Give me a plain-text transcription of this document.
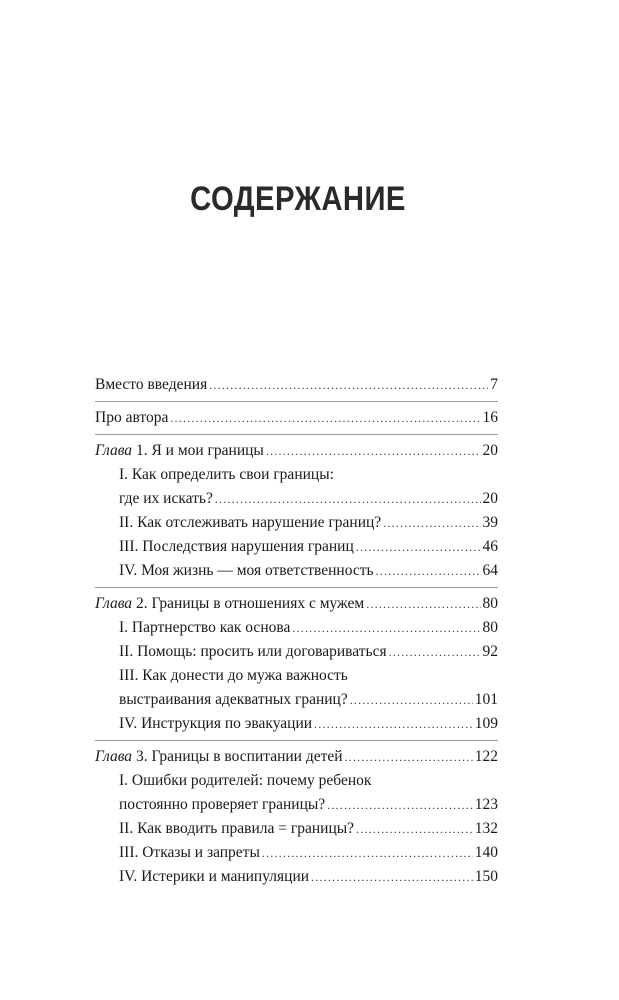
СОДЕРЖАНИЕ
Вместо введения .....	7
Про автора .....	16
Глава 1. Я и мои границы .....	20
I. Как определить свои границы:
где их искать? .....	20
II. Как отслеживать нарушение границ? .....	39
III. Последствия нарушения границ .....	46
IV. Моя жизнь — моя ответственность .....	64
Глава 2. Границы в отношениях с мужем .....	80
I. Партнерство как основа .....	80
II. Помощь: просить или договариваться .....	92
III. Как донести до мужа важность
выстраивания адекватных границ? .....	101
IV. Инструкция по эвакуации .....	109
Глава 3. Границы в воспитании детей .....	122
I. Ошибки родителей: почему ребенок
постоянно проверяет границы? .....	123
II. Как вводить правила = границы? .....	132
III. Отказы и запреты .....	140
IV. Истерики и манипуляции .....	150
